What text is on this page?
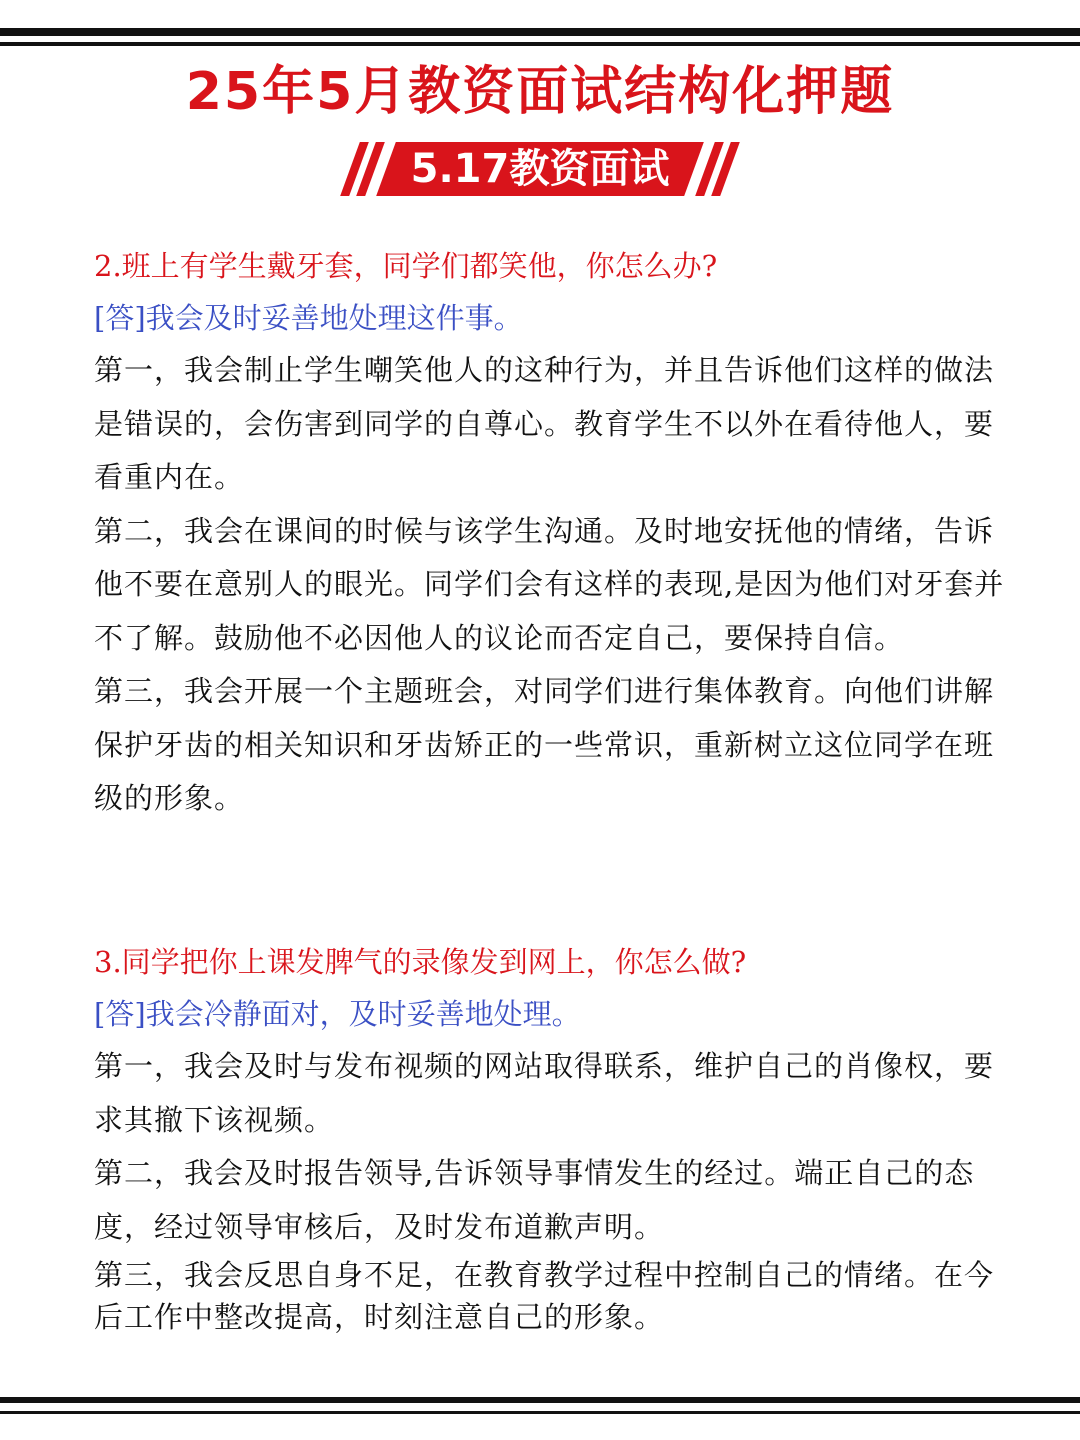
25年5月教资面试结构化押题
5.17教资面试

2.班上有学生戴牙套，同学们都笑他，你怎么办?

[答]我会及时妥善地处理这件事。

第一，我会制止学生嘲笑他人的这种行为，并且告诉他们这样的做法是错误的，会伤害到同学的自尊心。教育学生不以外在看待他人，要看重内在。

第二，我会在课间的时候与该学生沟通。及时地安抚他的情绪，告诉他不要在意别人的眼光。同学们会有这样的表现,是因为他们对牙套并不了解。鼓励他不必因他人的议论而否定自己，要保持自信。

第三，我会开展一个主题班会，对同学们进行集体教育。向他们讲解保护牙齿的相关知识和牙齿矫正的一些常识，重新树立这位同学在班级的形象。

3.同学把你上课发脾气的录像发到网上，你怎么做?

[答]我会冷静面对，及时妥善地处理。

第一，我会及时与发布视频的网站取得联系，维护自己的肖像权，要求其撤下该视频。

第二，我会及时报告领导,告诉领导事情发生的经过。端正自己的态度，经过领导审核后，及时发布道歉声明。

第三，我会反思自身不足，在教育教学过程中控制自己的情绪。在今后工作中整改提高，时刻注意自己的形象。
